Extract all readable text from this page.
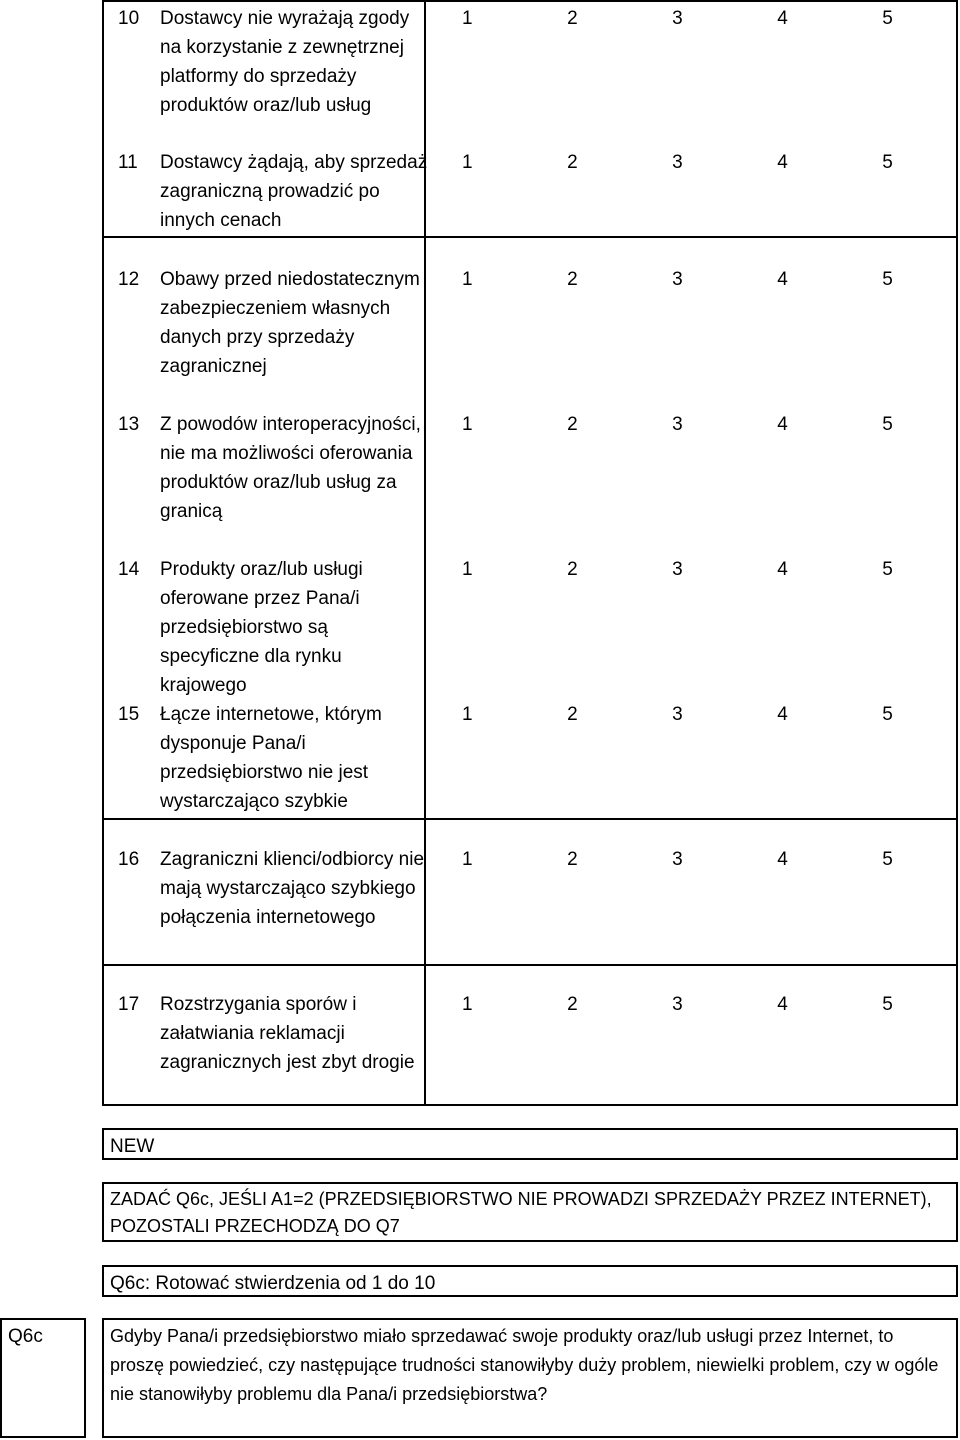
10	Dostawcy nie wyrażają zgody na korzystanie z zewnętrznej platformy do sprzedaży produktów oraz/lub usług
1	2	3	4	5
11	Dostawcy żądają, aby sprzedaż zagraniczną prowadzić po innych cenach
1	2	3	4	5
12	Obawy przed niedostatecznym zabezpieczeniem własnych danych przy sprzedaży zagranicznej
1	2	3	4	5
13	Z powodów interoperacyjności, nie ma możliwości oferowania produktów oraz/lub usług za granicą
1	2	3	4	5
14	Produkty oraz/lub usługi oferowane przez Pana/i przedsiębiorstwo są specyficzne dla rynku krajowego
1	2	3	4	5
15	Łącze internetowe, którym dysponuje Pana/i przedsiębiorstwo nie jest wystarczająco szybkie
1	2	3	4	5
16	Zagraniczni klienci/odbiorcy nie mają wystarczająco szybkiego połączenia internetowego
1	2	3	4	5
17	Rozstrzygania sporów i załatwiania reklamacji zagranicznych jest zbyt drogie
1	2	3	4	5
NEW
ZADAĆ Q6c, JEŚLI A1=2 (PRZEDSIĘBIORSTWO NIE PROWADZI SPRZEDAŻY PRZEZ INTERNET), POZOSTALI PRZECHODZĄ DO Q7
Q6c: Rotować stwierdzenia od 1 do 10
Q6c	Gdyby Pana/i przedsiębiorstwo miało sprzedawać swoje produkty oraz/lub usługi przez Internet, to proszę powiedzieć, czy następujące trudności stanowiłyby duży problem, niewielki problem, czy w ogóle nie stanowiłyby problemu dla Pana/i przedsiębiorstwa?
